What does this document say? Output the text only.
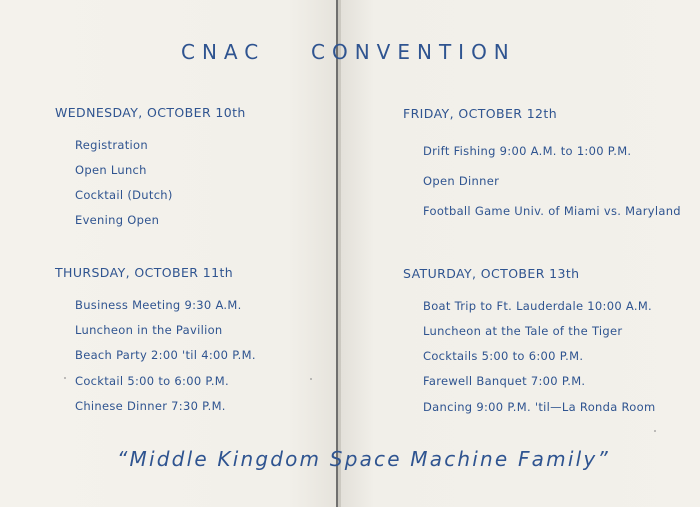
CNAC CONVENTION
WEDNESDAY, OCTOBER 10th
Registration
Open Lunch
Cocktail (Dutch)
Evening Open
THURSDAY, OCTOBER 11th
Business Meeting 9:30 A.M.
Luncheon in the Pavilion
Beach Party 2:00 'til 4:00 P.M.
Cocktail 5:00 to 6:00 P.M.
Chinese Dinner 7:30 P.M.
FRIDAY, OCTOBER 12th
Drift Fishing 9:00 A.M. to 1:00 P.M.
Open Dinner
Football Game Univ. of Miami vs. Maryland
SATURDAY, OCTOBER 13th
Boat Trip to Ft. Lauderdale 10:00 A.M.
Luncheon at the Tale of the Tiger
Cocktails 5:00 to 6:00 P.M.
Farewell Banquet 7:00 P.M.
Dancing 9:00 P.M. 'til—La Ronda Room
“Middle Kingdom Space Machine Family”
